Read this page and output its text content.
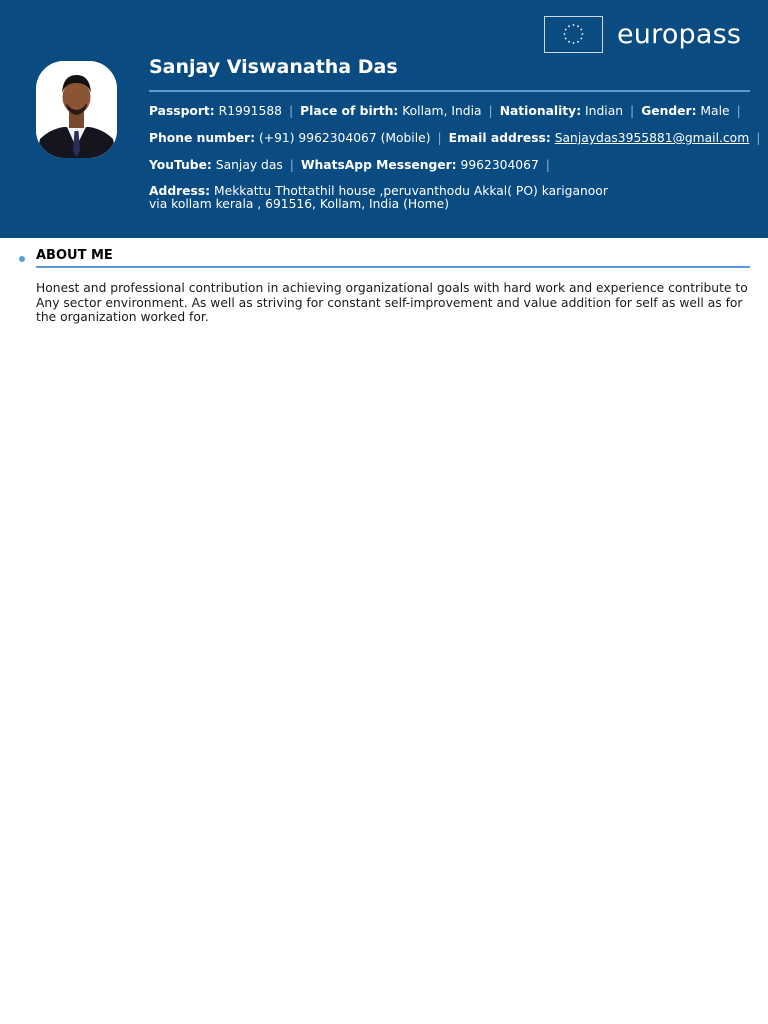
europass
Sanjay Viswanatha Das
Passport: R1991588 | Place of birth: Kollam, India | Nationality: Indian | Gender: Male |
Phone number: (+91) 9962304067 (Mobile) | Email address: Sanjaydas3955881@gmail.com |
YouTube: Sanjay das | WhatsApp Messenger: 9962304067 |
Address: Mekkattu Thottathil house ,peruvanthodu Akkal( PO) kariganoor via kollam kerala , 691516, Kollam, India (Home)
ABOUT ME
Honest and professional contribution in achieving organizational goals with hard work and experience contribute to Any sector environment. As well as striving for constant self-improvement and value addition for self as well as for the organization worked for.
